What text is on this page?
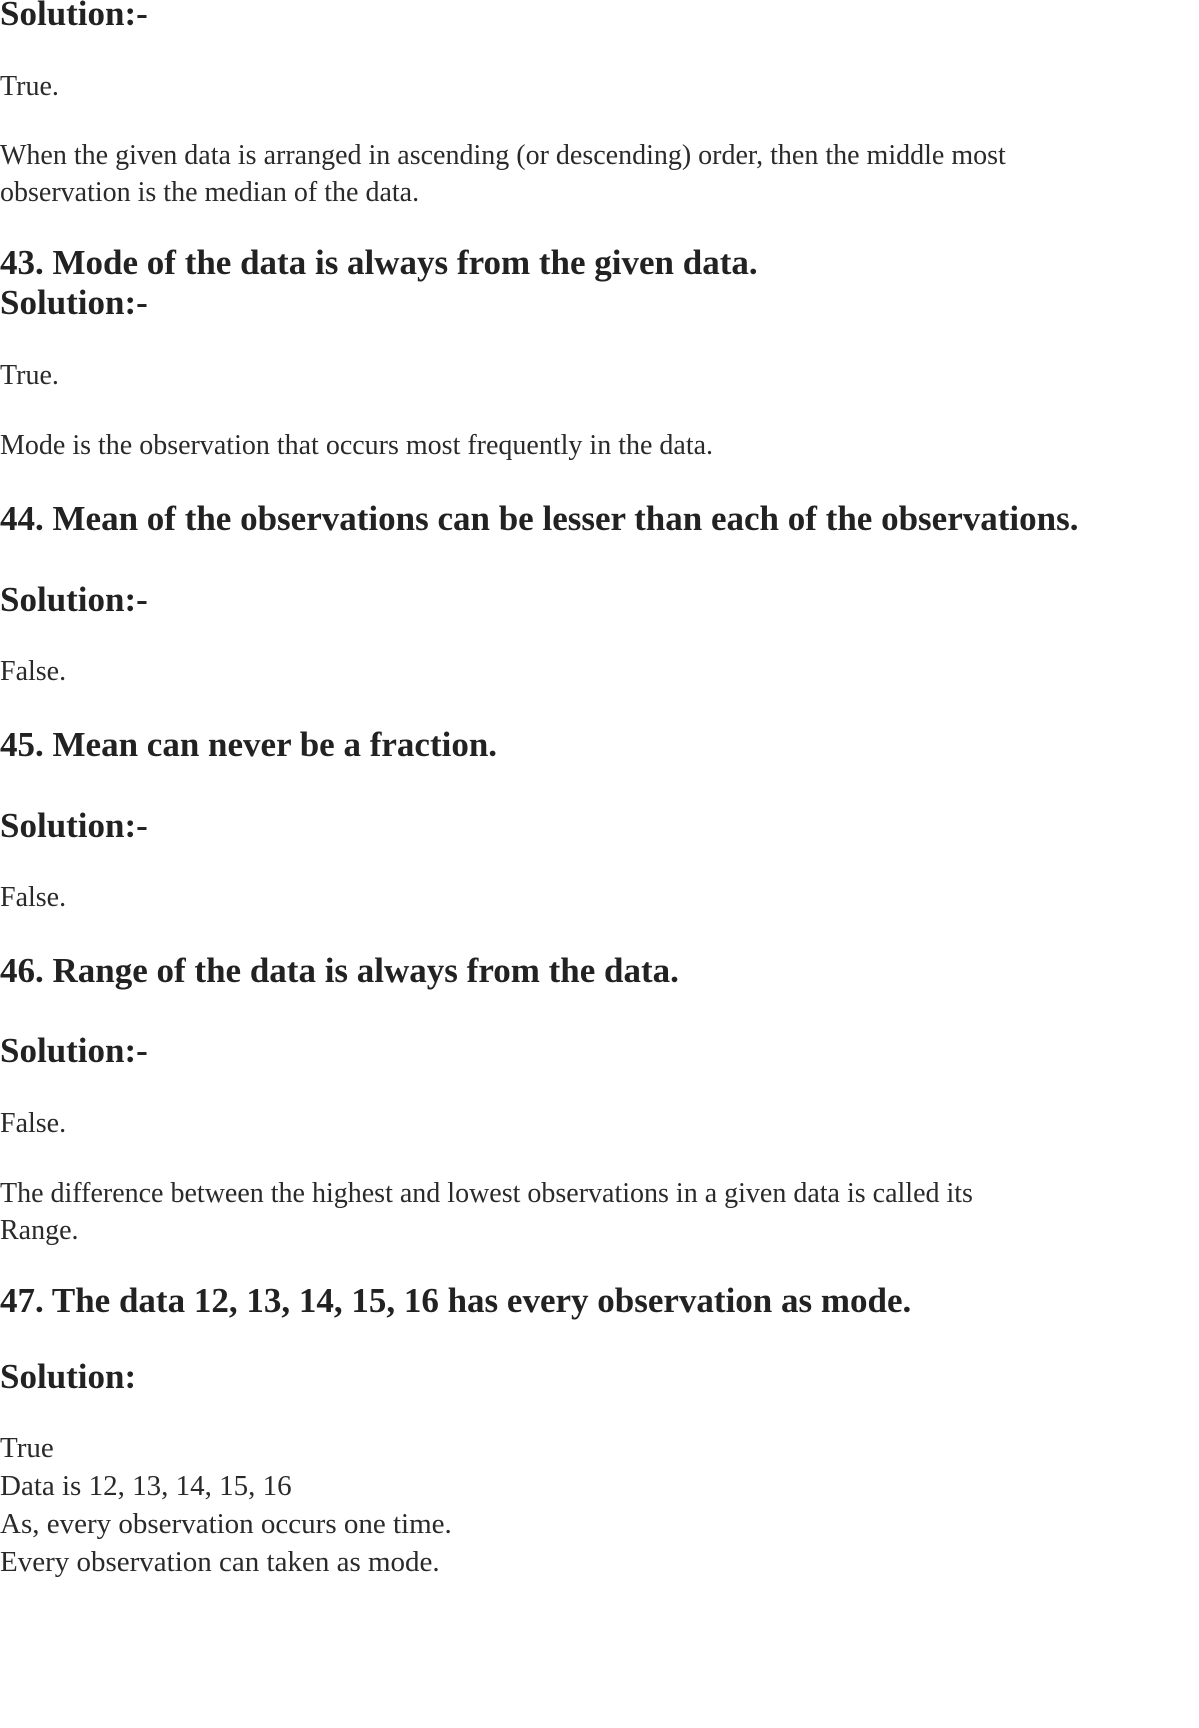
Solution:-

True.

When the given data is arranged in ascending (or descending) order, then the middle most
observation is the median of the data.
43. Mode of the data is always from the given data.
Solution:-

True.

Mode is the observation that occurs most frequently in the data.

44. Mean of the observations can be lesser than each of the observations.
Solution:-

False.

45. Mean can never be a fraction.
Solution:-

False.

46. Range of the data is always from the data.
Solution:-

False.

The difference between the highest and lowest observations in a given data is called its
Range.
47. The data 12, 13, 14, 15, 16 has every observation as mode.
Solution:
True
Data is 12, 13, 14, 15, 16
As, every observation occurs one time.
Every observation can taken as mode.
